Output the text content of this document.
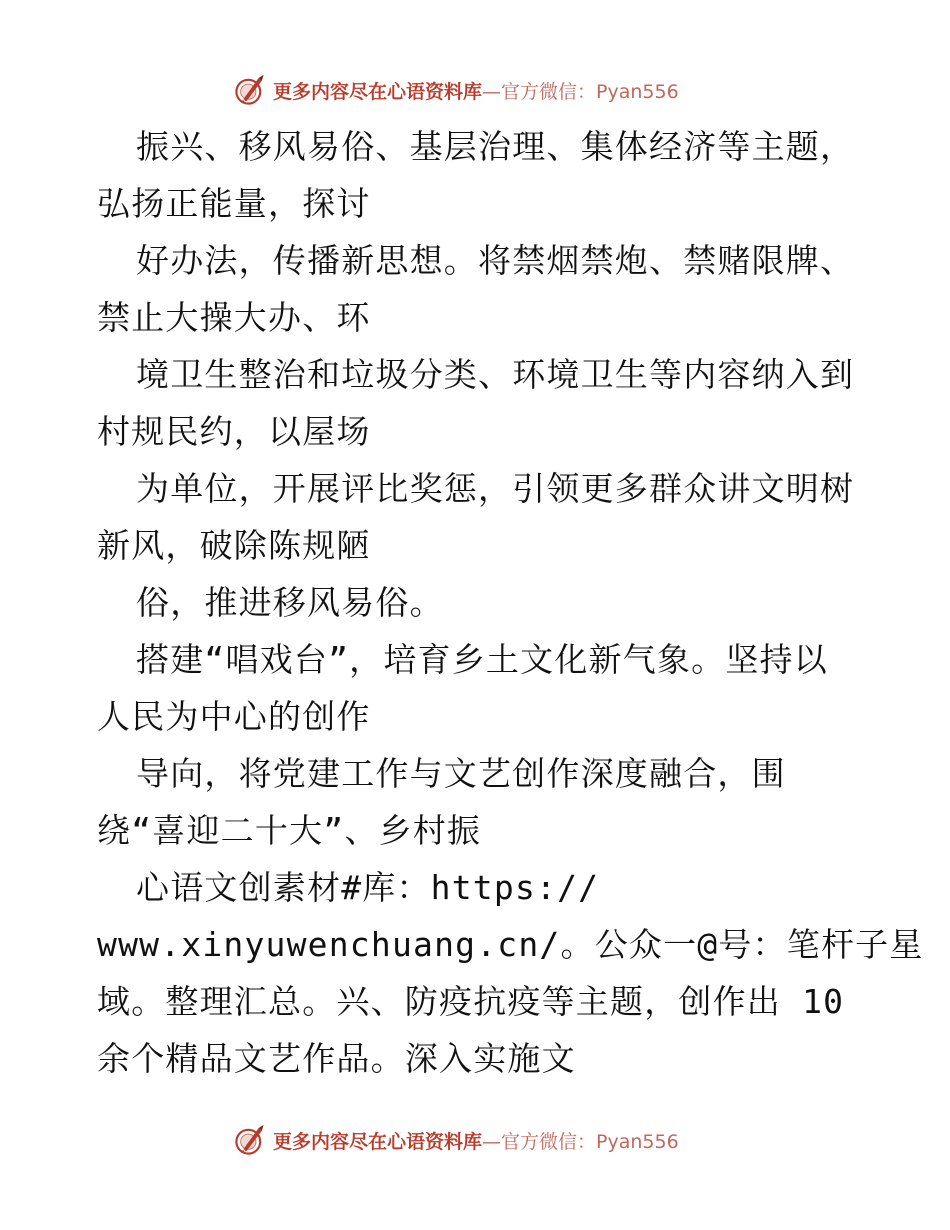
更多内容尽在心语资料库 —官方微信：Pyan556
振兴、移风易俗、基层治理、集体经济等主题，
弘扬正能量，探讨
好办法，传播新思想。将禁烟禁炮、禁赌限牌、
禁止大操大办、环
境卫生整治和垃圾分类、环境卫生等内容纳入到
村规民约，以屋场
为单位，开展评比奖惩，引领更多群众讲文明树
新风，破除陈规陋
俗，推进移风易俗。
搭建“唱戏台”，培育乡土文化新气象。坚持以
人民为中心的创作
导向，将党建工作与文艺创作深度融合，围
绕“喜迎二十大”、乡村振
心语文创素材#库：https://
www.xinyuwenchuang.cn/。公众一@号：笔杆子星
域。整理汇总。兴、防疫抗疫等主题，创作出 10
余个精品文艺作品。深入实施文
更多内容尽在心语资料库 —官方微信：Pyan556
